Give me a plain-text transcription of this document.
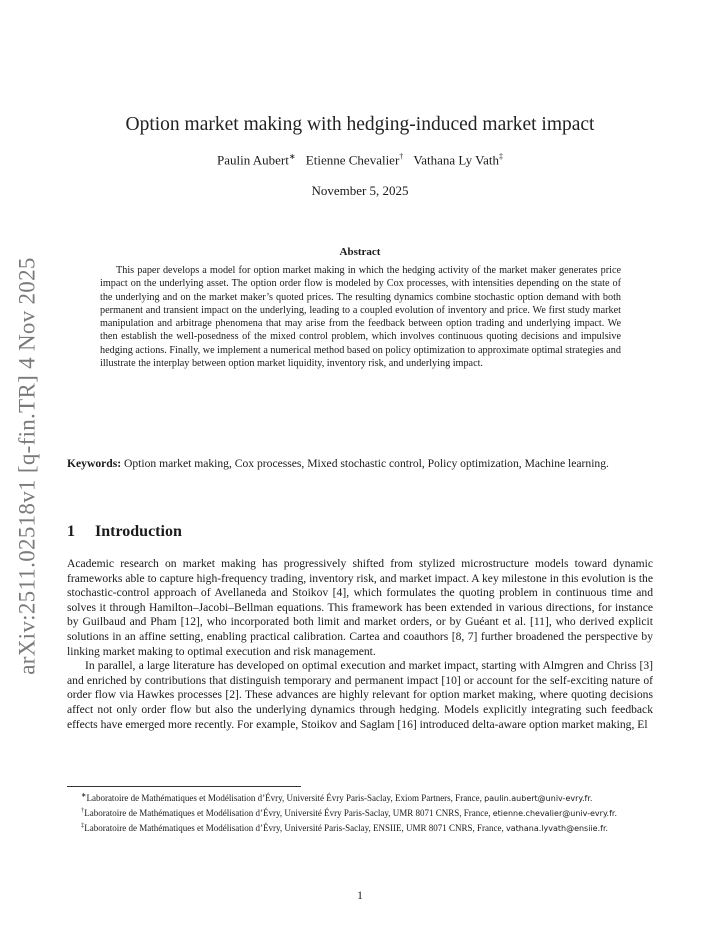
arXiv:2511.02518v1 [q-fin.TR] 4 Nov 2025
Option market making with hedging-induced market impact
Paulin Aubert∗ Etienne Chevalier† Vathana Ly Vath‡
November 5, 2025
Abstract
This paper develops a model for option market making in which the hedging activity of the market maker generates price impact on the underlying asset. The option order flow is modeled by Cox processes, with intensities depending on the state of the underlying and on the market maker’s quoted prices. The resulting dynamics combine stochastic option demand with both permanent and transient impact on the underlying, leading to a coupled evolution of inventory and price. We first study market manipulation and arbitrage phenomena that may arise from the feedback between option trading and underlying impact. We then establish the well-posedness of the mixed control problem, which involves continuous quoting decisions and impulsive hedging actions. Finally, we implement a numerical method based on policy optimization to approximate optimal strategies and illustrate the interplay between option market liquidity, inventory risk, and underlying impact.
Keywords: Option market making, Cox processes, Mixed stochastic control, Policy optimization, Machine learning.
1 Introduction

Academic research on market making has progressively shifted from stylized microstructure models toward dynamic frameworks able to capture high-frequency trading, inventory risk, and market impact. A key milestone in this evolution is the stochastic-control approach of Avellaneda and Stoikov [4], which formulates the quoting problem in continuous time and solves it through Hamilton–Jacobi–Bellman equations. This framework has been extended in various directions, for instance by Guilbaud and Pham [12], who incorporated both limit and market orders, or by Guéant et al. [11], who derived explicit solutions in an affine setting, enabling practical calibration. Cartea and coauthors [8, 7] further broadened the perspective by linking market making to optimal execution and risk management.

In parallel, a large literature has developed on optimal execution and market impact, starting with Almgren and Chriss [3] and enriched by contributions that distinguish temporary and permanent impact [10] or account for the self-exciting nature of order flow via Hawkes processes [2]. These advances are highly relevant for option market making, where quoting decisions affect not only order flow but also the underlying dynamics through hedging. Models explicitly integrating such feedback effects have emerged more recently. For example, Stoikov and Saglam [16] introduced delta-aware option market making, El

∗Laboratoire de Mathématiques et Modélisation d’Évry, Université Évry Paris-Saclay, Exiom Partners, France, paulin.aubert@univ-evry.fr.
†Laboratoire de Mathématiques et Modélisation d’Évry, Université Évry Paris-Saclay, UMR 8071 CNRS, France, etienne.chevalier@univ-evry.fr.
‡Laboratoire de Mathématiques et Modélisation d’Évry, Université Paris-Saclay, ENSIIE, UMR 8071 CNRS, France, vathana.lyvath@ensiie.fr.
1
